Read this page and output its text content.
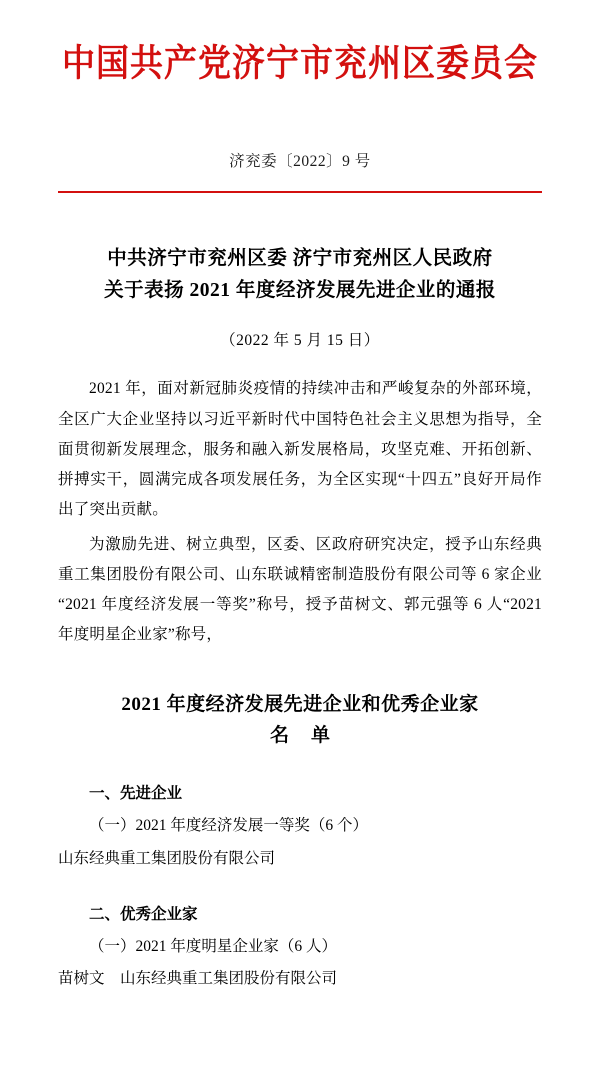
中国共产党济宁市兖州区委员会
济兖委〔2022〕9 号
中共济宁市兖州区委 济宁市兖州区人民政府
关于表扬 2021 年度经济发展先进企业的通报
（2022 年 5 月 15 日）

2021 年，面对新冠肺炎疫情的持续冲击和严峻复杂的外部环境，全区广大企业坚持以习近平新时代中国特色社会主义思想为指导，全面贯彻新发展理念，服务和融入新发展格局，攻坚克难、开拓创新、拼搏实干，圆满完成各项发展任务，为全区实现“十四五”良好开局作出了突出贡献。

为激励先进、树立典型，区委、区政府研究决定，授予山东经典重工集团股份有限公司、山东联诚精密制造股份有限公司等 6 家企业“2021 年度经济发展一等奖”称号，授予苗树文、郭元强等 6 人“2021 年度明星企业家”称号，

2021 年度经济发展先进企业和优秀企业家
名单
一、先进企业
（一）2021 年度经济发展一等奖（6 个）
山东经典重工集团股份有限公司
二、优秀企业家
（一）2021 年度明星企业家（6 人）
苗树文　山东经典重工集团股份有限公司
